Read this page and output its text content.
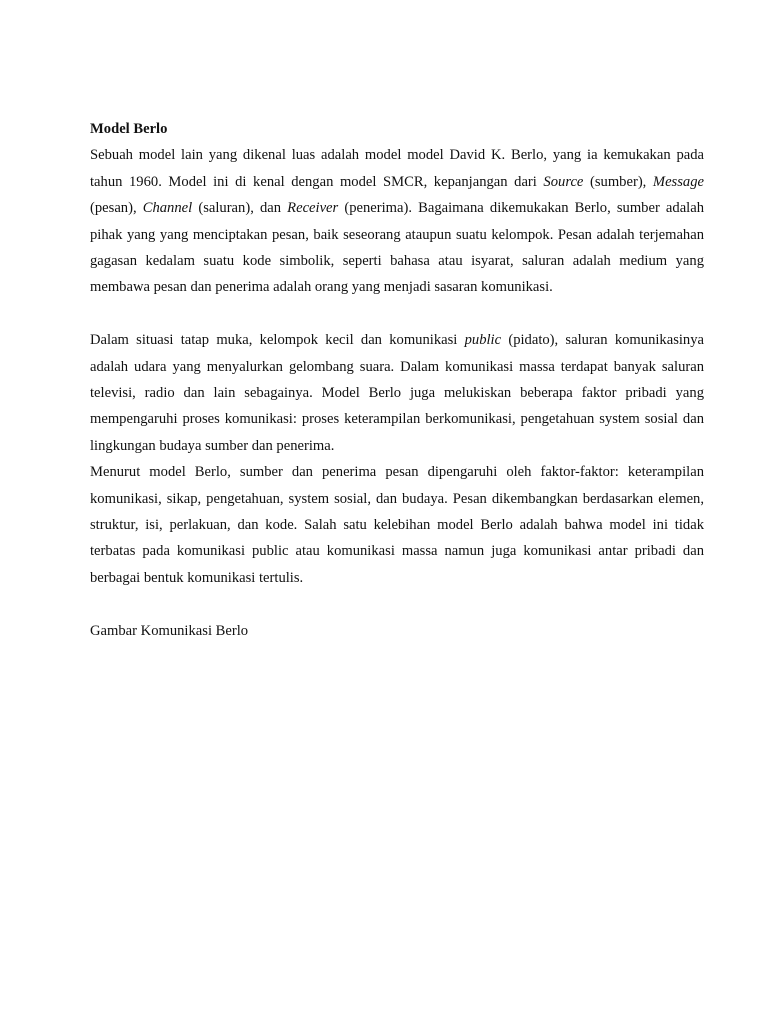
Model Berlo

Sebuah model lain yang dikenal luas adalah model model David K. Berlo, yang ia kemukakan pada tahun 1960. Model ini di kenal dengan model SMCR, kepanjangan dari Source (sumber), Message (pesan), Channel (saluran), dan Receiver (penerima). Bagaimana dikemukakan Berlo, sumber adalah pihak yang yang menciptakan pesan, baik seseorang ataupun suatu kelompok. Pesan adalah terjemahan gagasan kedalam suatu kode simbolik, seperti bahasa atau isyarat, saluran adalah medium yang membawa pesan dan penerima adalah orang yang menjadi sasaran komunikasi.

Dalam situasi tatap muka, kelompok kecil dan komunikasi public (pidato), saluran komunikasinya adalah udara yang menyalurkan gelombang suara. Dalam komunikasi massa terdapat banyak saluran televisi, radio dan lain sebagainya. Model Berlo juga melukiskan beberapa faktor pribadi yang mempengaruhi proses komunikasi: proses keterampilan berkomunikasi, pengetahuan system sosial dan lingkungan budaya sumber dan penerima.

Menurut model Berlo, sumber dan penerima pesan dipengaruhi oleh faktor-faktor: keterampilan komunikasi, sikap, pengetahuan, system sosial, dan budaya. Pesan dikembangkan berdasarkan elemen, struktur, isi, perlakuan, dan kode. Salah satu kelebihan model Berlo adalah bahwa model ini tidak terbatas pada komunikasi public atau komunikasi massa namun juga komunikasi antar pribadi dan berbagai bentuk komunikasi tertulis.

Gambar Komunikasi Berlo
